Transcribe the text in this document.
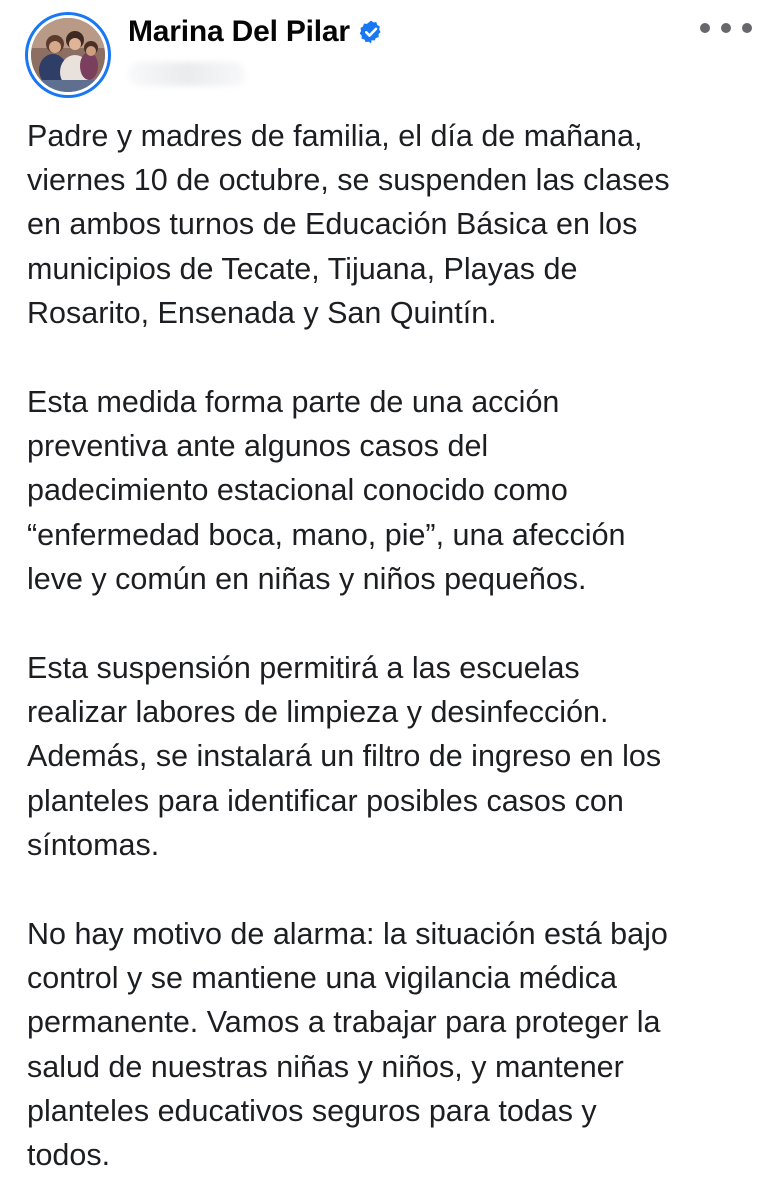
Marina Del Pilar

Padre y madres de familia, el día de mañana,
viernes 10 de octubre, se suspenden las clases
en ambos turnos de Educación Básica en los
municipios de Tecate, Tijuana, Playas de
Rosarito, Ensenada y San Quintín.

Esta medida forma parte de una acción
preventiva ante algunos casos del
padecimiento estacional conocido como
“enfermedad boca, mano, pie”, una afección
leve y común en niñas y niños pequeños.

Esta suspensión permitirá a las escuelas
realizar labores de limpieza y desinfección.
Además, se instalará un filtro de ingreso en los
planteles para identificar posibles casos con
síntomas.

No hay motivo de alarma: la situación está bajo
control y se mantiene una vigilancia médica
permanente. Vamos a trabajar para proteger la
salud de nuestras niñas y niños, y mantener
planteles educativos seguros para todas y
todos.
